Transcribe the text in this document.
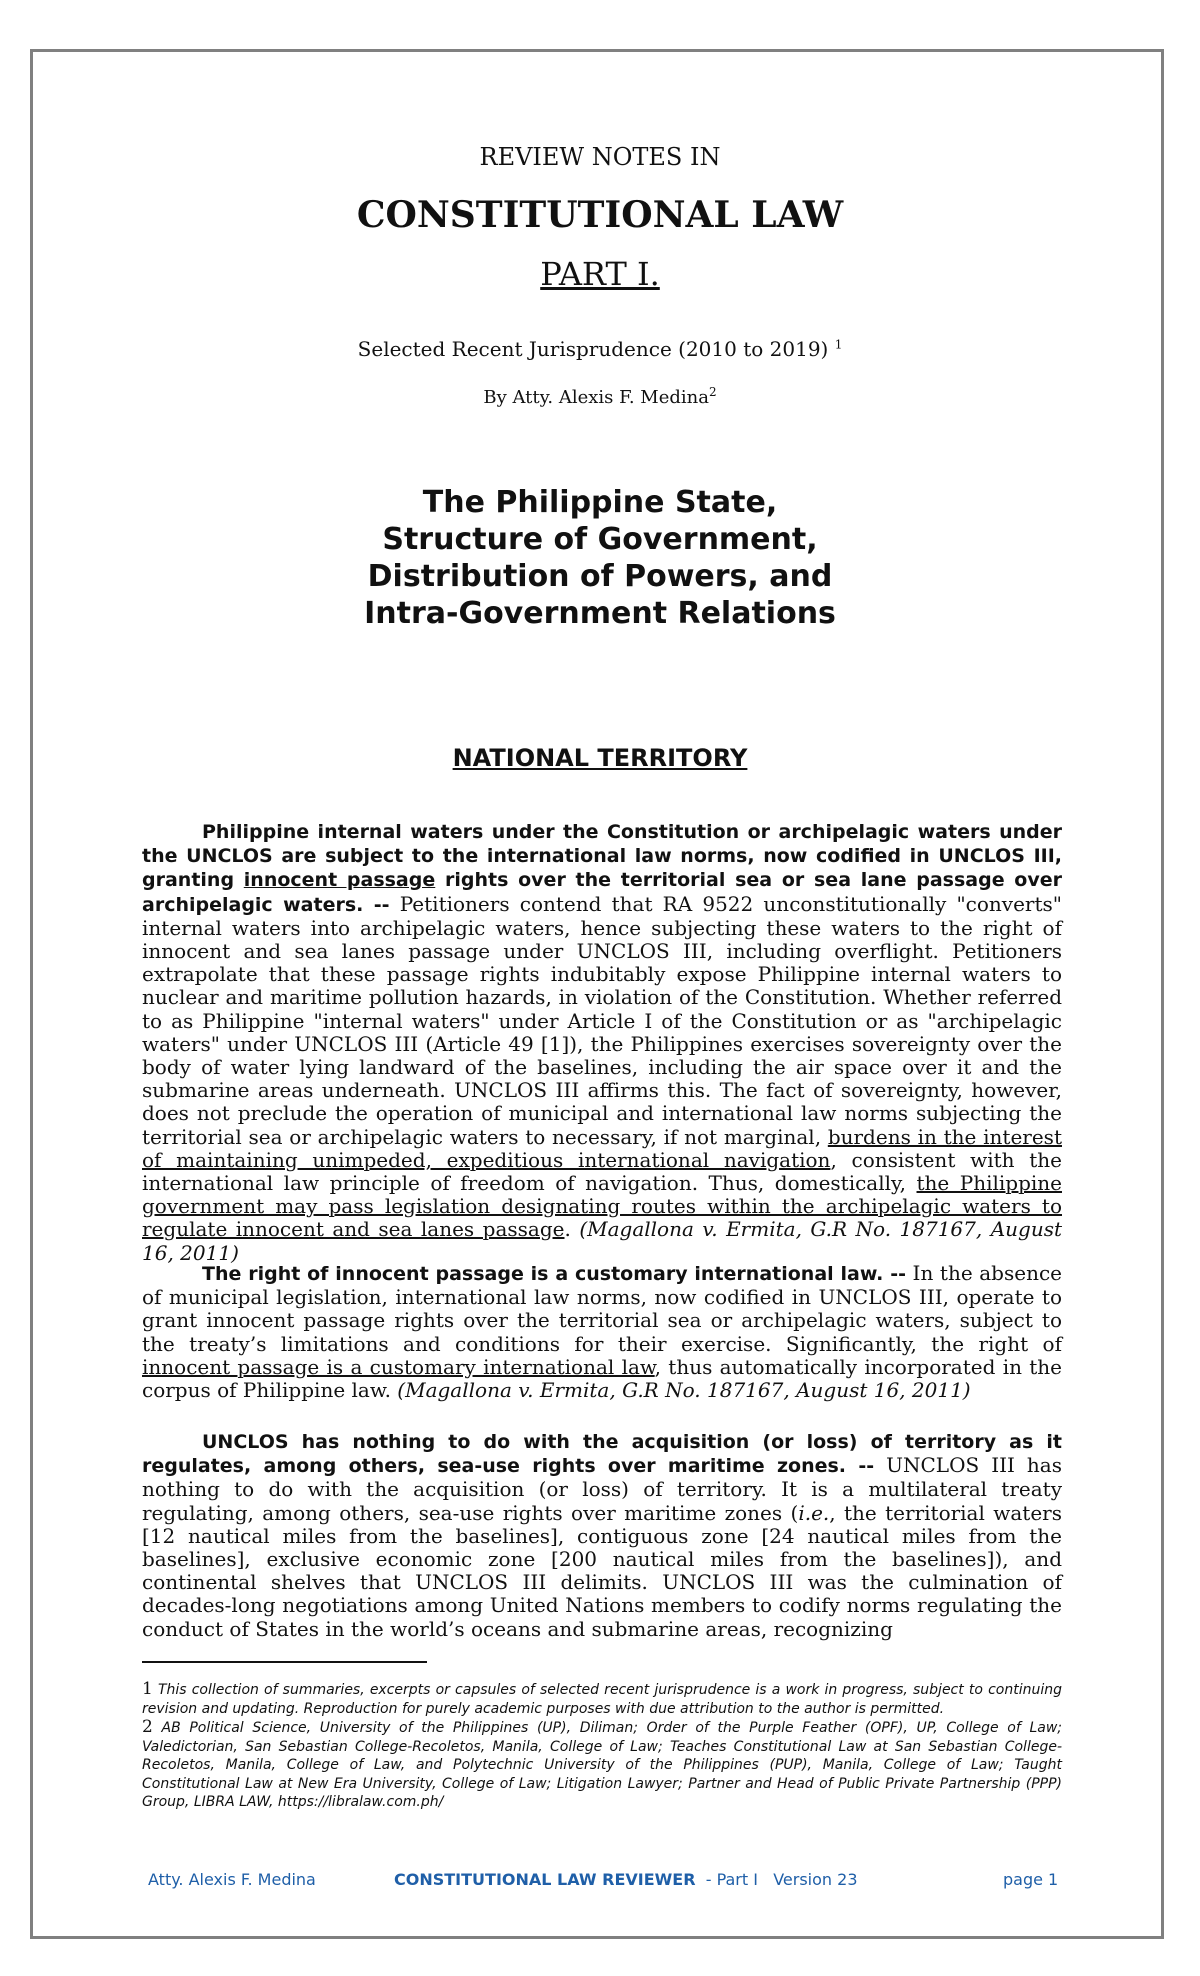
REVIEW NOTES IN
CONSTITUTIONAL LAW
PART I.
Selected Recent Jurisprudence (2010 to 2019) $^1$
By Atty. Alexis F. Medina$^2$
The Philippine State,
Structure of Government,
Distribution of Powers, and
Intra-Government Relations
NATIONAL TERRITORY
Philippine internal waters under the Constitution or archipelagic waters under the UNCLOS are subject to the international law norms, now codified in UNCLOS III, granting innocent passage rights over the territorial sea or sea lane passage over archipelagic waters. -- Petitioners contend that RA 9522 unconstitutionally "converts" internal waters into archipelagic waters, hence subjecting these waters to the right of innocent and sea lanes passage under UNCLOS III, including overflight. Petitioners extrapolate that these passage rights indubitably expose Philippine internal waters to nuclear and maritime pollution hazards, in violation of the Constitution. Whether referred to as Philippine "internal waters" under Article I of the Constitution or as "archipelagic waters" under UNCLOS III (Article 49 [1]), the Philippines exercises sovereignty over the body of water lying landward of the baselines, including the air space over it and the submarine areas underneath. UNCLOS III affirms this. The fact of sovereignty, however, does not preclude the operation of municipal and international law norms subjecting the territorial sea or archipelagic waters to necessary, if not marginal, burdens in the interest of maintaining unimpeded, expeditious international navigation, consistent with the international law principle of freedom of navigation. Thus, domestically, the Philippine government may pass legislation designating routes within the archipelagic waters to regulate innocent and sea lanes passage. (Magallona v. Ermita, G.R No. 187167, August 16, 2011)
The right of innocent passage is a customary international law. -- In the absence of municipal legislation, international law norms, now codified in UNCLOS III, operate to grant innocent passage rights over the territorial sea or archipelagic waters, subject to the treaty’s limitations and conditions for their exercise. Significantly, the right of innocent passage is a customary international law, thus automatically incorporated in the corpus of Philippine law. (Magallona v. Ermita, G.R No. 187167, August 16, 2011)
UNCLOS has nothing to do with the acquisition (or loss) of territory as it regulates, among others, sea-use rights over maritime zones. -- UNCLOS III has nothing to do with the acquisition (or loss) of territory. It is a multilateral treaty regulating, among others, sea-use rights over maritime zones (i.e., the territorial waters [12 nautical miles from the baselines], contiguous zone [24 nautical miles from the baselines], exclusive economic zone [200 nautical miles from the baselines]), and continental shelves that UNCLOS III delimits. UNCLOS III was the culmination of decades-long negotiations among United Nations members to codify norms regulating the conduct of States in the world’s oceans and submarine areas, recognizing
1 This collection of summaries, excerpts or capsules of selected recent jurisprudence is a work in progress, subject to continuing revision and updating. Reproduction for purely academic purposes with due attribution to the author is permitted.
2 AB Political Science, University of the Philippines (UP), Diliman; Order of the Purple Feather (OPF), UP, College of Law; Valedictorian, San Sebastian College-Recoletos, Manila, College of Law; Teaches Constitutional Law at San Sebastian College-Recoletos, Manila, College of Law, and Polytechnic University of the Philippines (PUP), Manila, College of Law; Taught Constitutional Law at New Era University, College of Law; Litigation Lawyer; Partner and Head of Public Private Partnership (PPP) Group, LIBRA LAW, https://libralaw.com.ph/
Atty. Alexis F. Medina	CONSTITUTIONAL LAW REVIEWER  - Part I   Version 23	page 1
